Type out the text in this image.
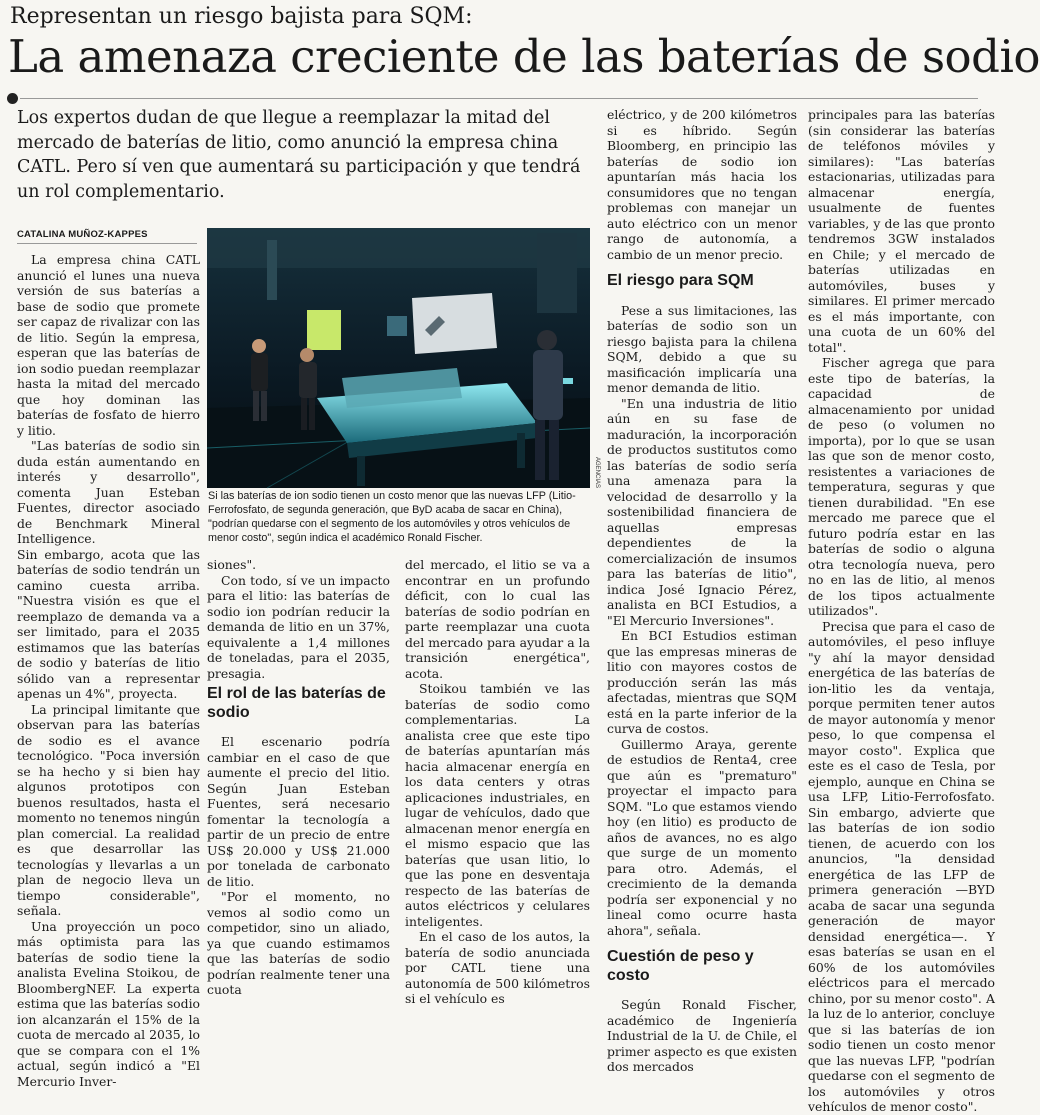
Representan un riesgo bajista para SQM:
La amenaza creciente de las baterías de sodio
Los expertos dudan de que llegue a reemplazar la mitad del mercado de baterías de litio, como anunció la empresa china CATL. Pero sí ven que aumentará su participación y que tendrá un rol complementario.
CATALINA MUÑOZ-KAPPES

La empresa china CATL anunció el lunes una nueva versión de sus baterías a base de sodio que promete ser capaz de rivalizar con las de litio. Según la empresa, esperan que las baterías de ion sodio puedan reemplazar hasta la mitad del mercado que hoy dominan las baterías de fosfato de hierro y litio.

"Las baterías de sodio sin duda están aumentando en interés y desarrollo", comenta Juan Esteban Fuentes, director asociado de Benchmark Mineral Intelligence.

Sin embargo, acota que las baterías de sodio tendrán un camino cuesta arriba. "Nuestra visión es que el reemplazo de demanda va a ser limitado, para el 2035 estimamos que las baterías de sodio y baterías de litio sólido van a representar apenas un 4%", proyecta.

La principal limitante que observan para las baterías de sodio es el avance tecnológico. "Poca inversión se ha hecho y si bien hay algunos prototipos con buenos resultados, hasta el momento no tenemos ningún plan comercial. La realidad es que desarrollar las tecnologías y llevarlas a un plan de negocio lleva un tiempo considerable", señala.

Una proyección un poco más optimista para las baterías de sodio tiene la analista Evelina Stoikou, de BloombergNEF. La experta estima que las baterías sodio ion alcanzarán el 15% de la cuota de mercado al 2035, lo que se compara con el 1% actual, según indicó a "El Mercurio Inver-

AGENCIAS
Si las baterías de ion sodio tienen un costo menor que las nuevas LFP (Litio-Ferrofosfato, de segunda generación, que ByD acaba de sacar en China), "podrían quedarse con el segmento de los automóviles y otros vehículos de menor costo", según indica el académico Ronald Fischer.

siones".

Con todo, sí ve un impacto para el litio: las baterías de sodio ion podrían reducir la demanda de litio en un 37%, equivalente a 1,4 millones de toneladas, para el 2035, presagia.

El rol de las baterías de sodio

El escenario podría cambiar en el caso de que aumente el precio del litio. Según Juan Esteban Fuentes, será necesario fomentar la tecnología a partir de un precio de entre US$ 20.000 y US$ 21.000 por tonelada de carbonato de litio.

"Por el momento, no vemos al sodio como un competidor, sino un aliado, ya que cuando estimamos que las baterías de sodio podrían realmente tener una cuota

del mercado, el litio se va a encontrar en un profundo déficit, con lo cual las baterías de sodio podrían en parte reemplazar una cuota del mercado para ayudar a la transición energética", acota.

Stoikou también ve las baterías de sodio como complementarias. La analista cree que este tipo de baterías apuntarían más hacia almacenar energía en los data centers y otras aplicaciones industriales, en lugar de vehículos, dado que almacenan menor energía en el mismo espacio que las baterías que usan litio, lo que las pone en desventaja respecto de las baterías de autos eléctricos y celulares inteligentes.

En el caso de los autos, la batería de sodio anunciada por CATL tiene una autonomía de 500 kilómetros si el vehículo es

eléctrico, y de 200 kilómetros si es híbrido. Según Bloomberg, en principio las baterías de sodio ion apuntarían más hacia los consumidores que no tengan problemas con manejar un auto eléctrico con un menor rango de autonomía, a cambio de un menor precio.

El riesgo para SQM

Pese a sus limitaciones, las baterías de sodio son un riesgo bajista para la chilena SQM, debido a que su masificación implicaría una menor demanda de litio.

"En una industria de litio aún en su fase de maduración, la incorporación de productos sustitutos como las baterías de sodio sería una amenaza para la velocidad de desarrollo y la sostenibilidad financiera de aquellas empresas dependientes de la comercialización de insumos para las baterías de litio", indica José Ignacio Pérez, analista en BCI Estudios, a "El Mercurio Inversiones".

En BCI Estudios estiman que las empresas mineras de litio con mayores costos de producción serán las más afectadas, mientras que SQM está en la parte inferior de la curva de costos.

Guillermo Araya, gerente de estudios de Renta4, cree que aún es "prematuro" proyectar el impacto para SQM. "Lo que estamos viendo hoy (en litio) es producto de años de avances, no es algo que surge de un momento para otro. Además, el crecimiento de la demanda podría ser exponencial y no lineal como ocurre hasta ahora", señala.

Cuestión de peso y costo

Según Ronald Fischer, académico de Ingeniería Industrial de la U. de Chile, el primer aspecto es que existen dos mercados

principales para las baterías (sin considerar las baterías de teléfonos móviles y similares): "Las baterías estacionarias, utilizadas para almacenar energía, usualmente de fuentes variables, y de las que pronto tendremos 3GW instalados en Chile; y el mercado de baterías utilizadas en automóviles, buses y similares. El primer mercado es el más importante, con una cuota de un 60% del total".

Fischer agrega que para este tipo de baterías, la capacidad de almacenamiento por unidad de peso (o volumen no importa), por lo que se usan las que son de menor costo, resistentes a variaciones de temperatura, seguras y que tienen durabilidad. "En ese mercado me parece que el futuro podría estar en las baterías de sodio o alguna otra tecnología nueva, pero no en las de litio, al menos de los tipos actualmente utilizados".

Precisa que para el caso de automóviles, el peso influye "y ahí la mayor densidad energética de las baterías de ion-litio les da ventaja, porque permiten tener autos de mayor autonomía y menor peso, lo que compensa el mayor costo". Explica que este es el caso de Tesla, por ejemplo, aunque en China se usa LFP, Litio-Ferrofosfato. Sin embargo, advierte que las baterías de ion sodio tienen, de acuerdo con los anuncios, "la densidad energética de las LFP de primera generación —BYD acaba de sacar una segunda generación de mayor densidad energética—. Y esas baterías se usan en el 60% de los automóviles eléctricos para el mercado chino, por su menor costo". A la luz de lo anterior, concluye que si las baterías de ion sodio tienen un costo menor que las nuevas LFP, "podrían quedarse con el segmento de los automóviles y otros vehículos de menor costo".
